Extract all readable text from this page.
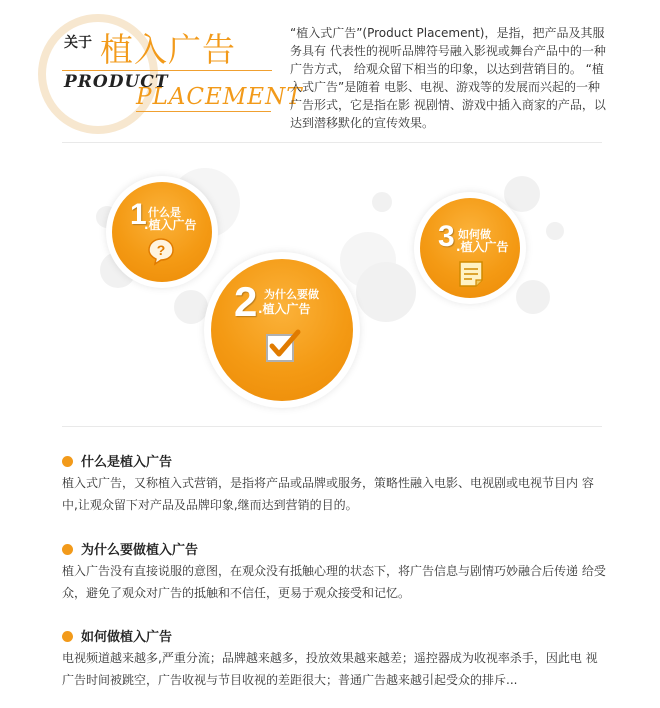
关于 植入广告
PRODUCT
PLACEMENT
“植入式广告”(Product Placement)，是指，把产品及其服务具有 代表性的视听品牌符号融入影视或舞台产品中的一种广告方式， 给观众留下相当的印象，以达到营销目的。 “植入式广告”是随着 电影、电视、游戏等的发展而兴起的一种广告形式，它是指在影 视剧情、游戏中插入商家的产品，以达到潜移默化的宣传效果。
1 什么是
.植入广告
?
2 为什么要做
.植入广告
3 如何做
.植入广告
什么是植入广告
植入式广告，又称植入式营销，是指将产品或品牌或服务，策略性融入电影、电视剧或电视节目内 容中,让观众留下对产品及品牌印象,继而达到营销的目的。
为什么要做植入广告
植入广告没有直接说服的意图，在观众没有抵触心理的状态下，将广告信息与剧情巧妙融合后传递 给受众，避免了观众对广告的抵触和不信任，更易于观众接受和记忆。
如何做植入广告
电视频道越来越多,严重分流；品牌越来越多，投放效果越来越差；遥控器成为收视率杀手，因此电 视广告时间被跳空，广告收视与节目收视的差距很大；普通广告越来越引起受众的排斥...
